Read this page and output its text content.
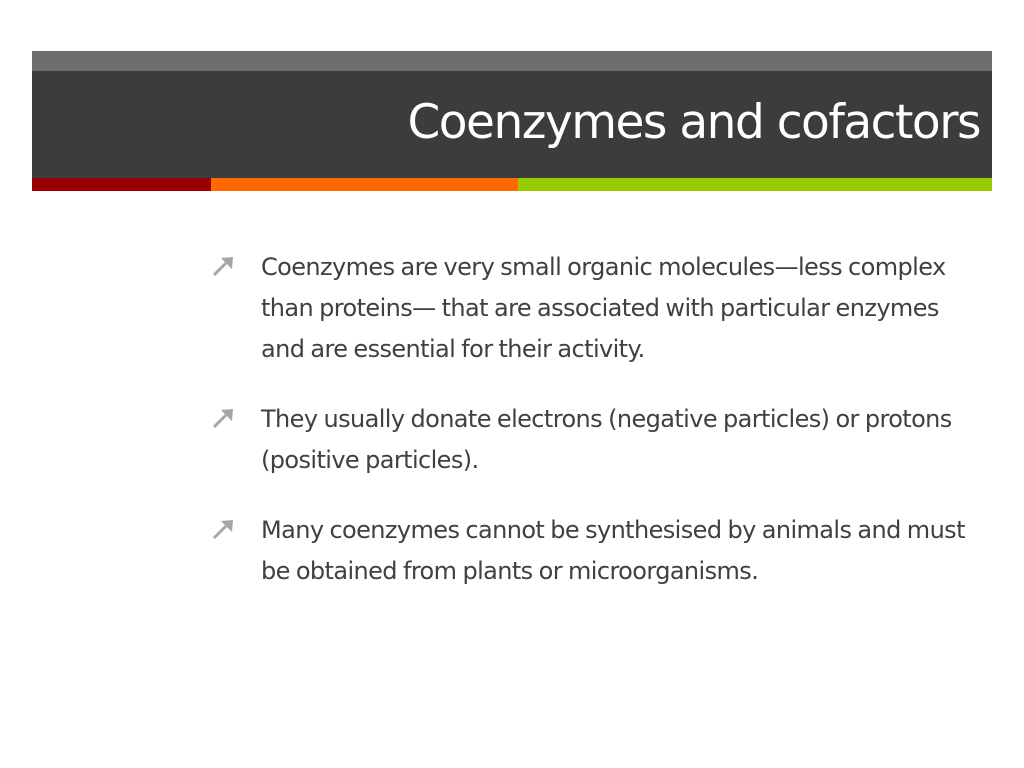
Coenzymes and cofactors
Coenzymes are very small organic molecules—less complex than proteins— that are associated with particular enzymes and are essential for their activity.
They usually donate electrons (negative particles) or protons (positive particles).
Many coenzymes cannot be synthesised by animals and must be obtained from plants or microorganisms.
